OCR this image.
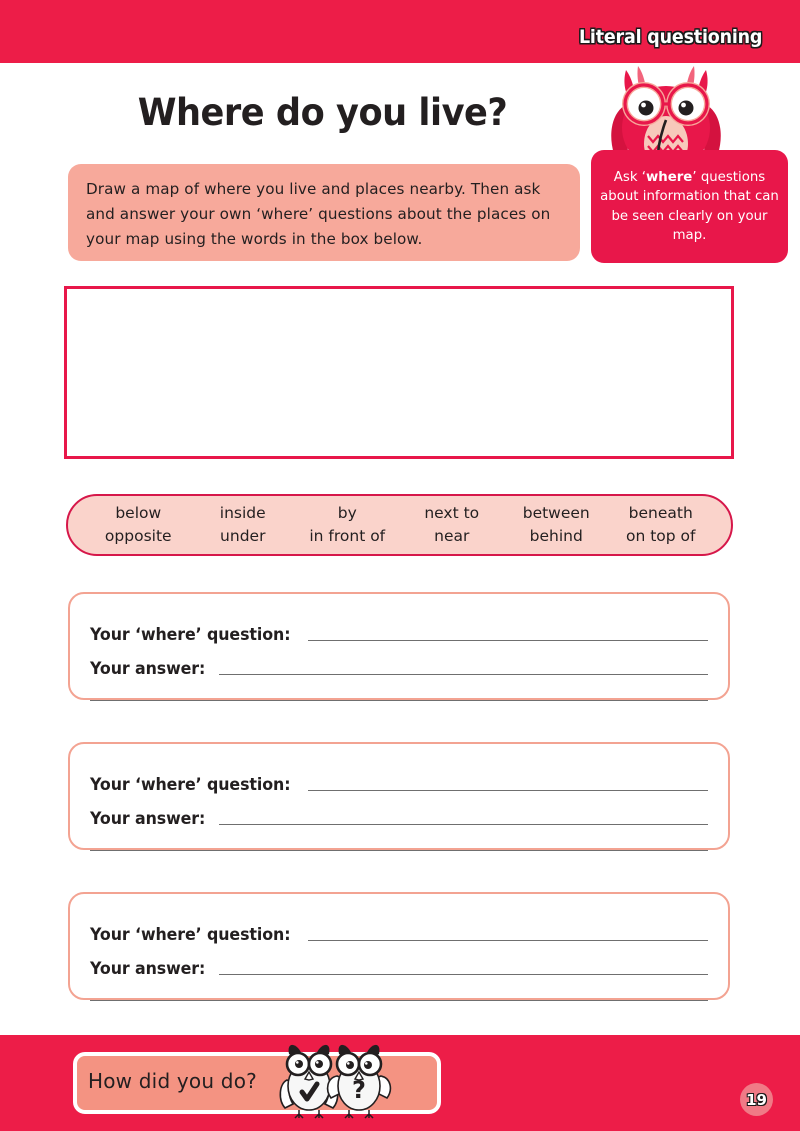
Literal questioning
Where do you live?
Draw a map of where you live and places nearby. Then ask and answer your own ‘where’ questions about the places on your map using the words in the box below.
Ask ‘where’ questions about information that can be seen clearly on your map.
below
opposite
inside
under
by
in front of
next to
near
between
behind
beneath
on top of
Your ‘where’ question:
Your answer:
Your ‘where’ question:
Your answer:
Your ‘where’ question:
Your answer:
How did you do?	?	19
